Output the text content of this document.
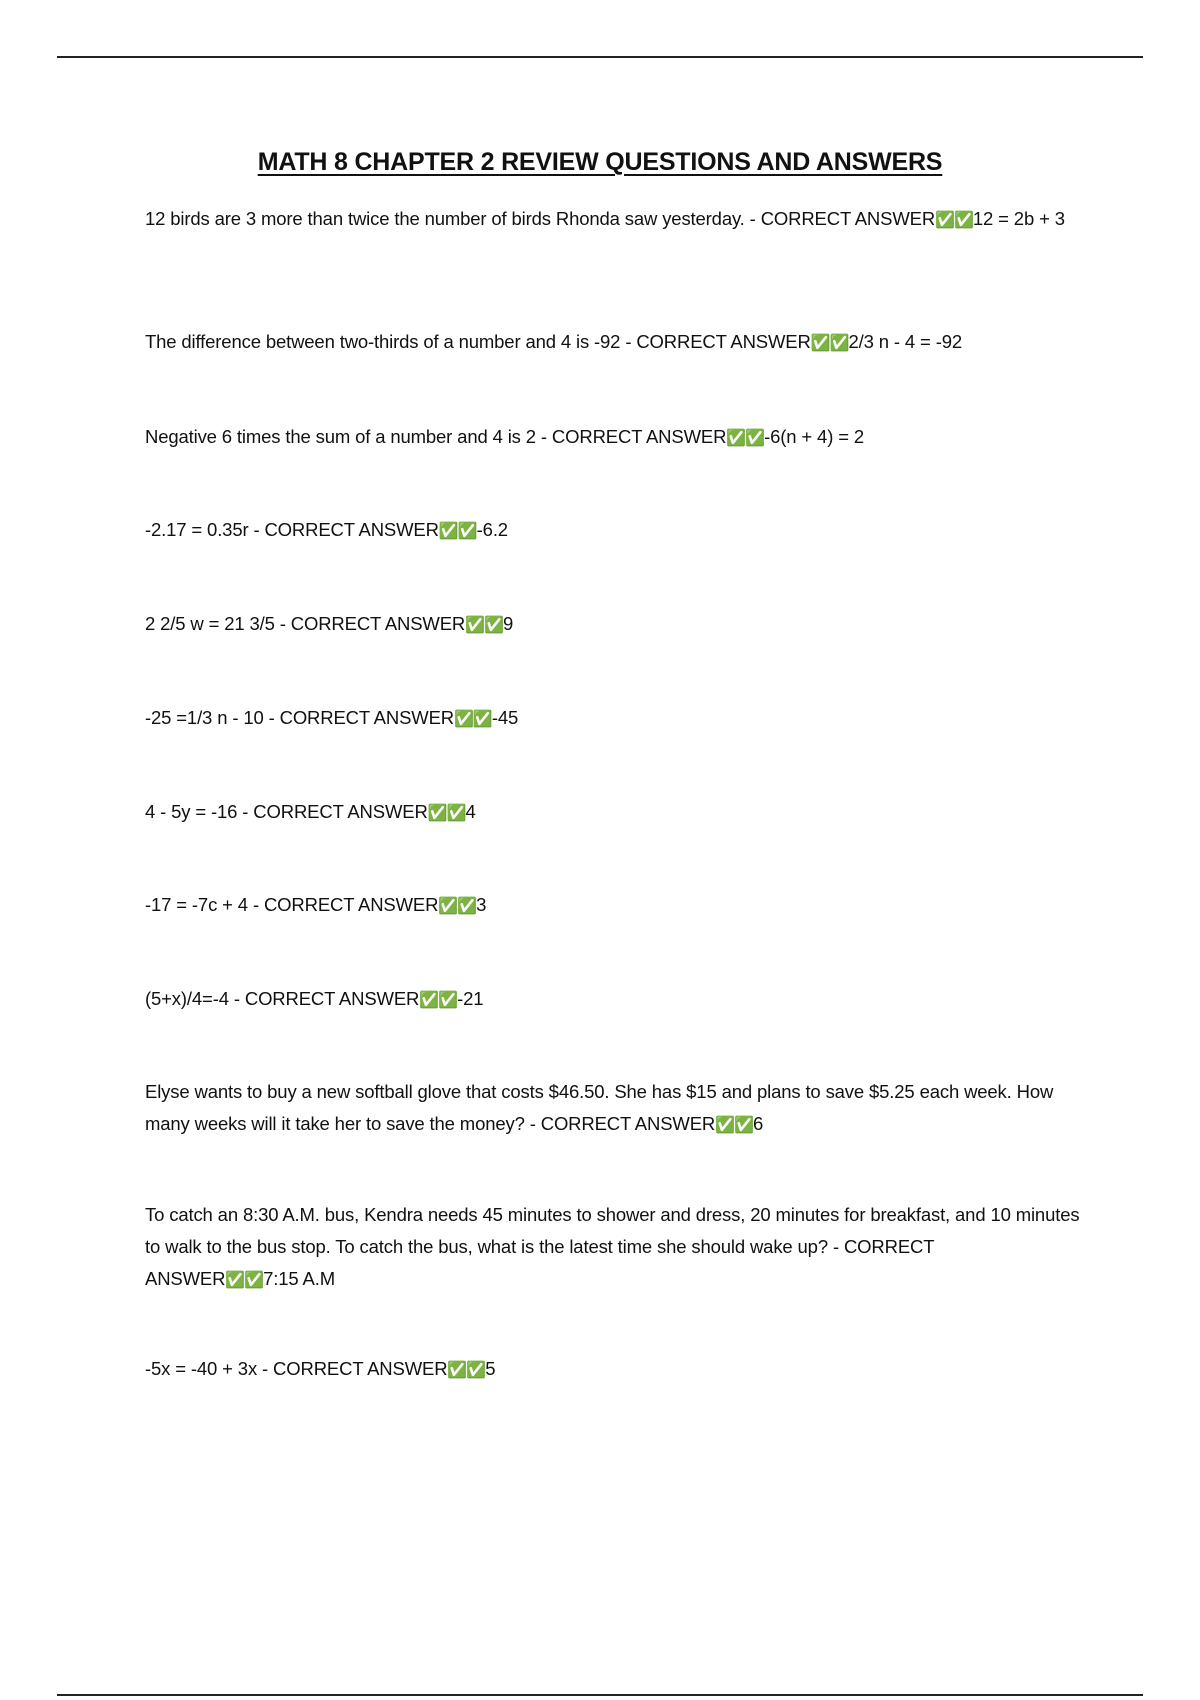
MATH 8 CHAPTER 2 REVIEW QUESTIONS AND ANSWERS
12 birds are 3 more than twice the number of birds Rhonda saw yesterday. - CORRECT ANSWER✅✅12 = 2b + 3
The difference between two-thirds of a number and 4 is -92 - CORRECT ANSWER✅✅2/3 n - 4 = -92
Negative 6 times the sum of a number and 4 is 2 - CORRECT ANSWER✅✅-6(n + 4) = 2
-2.17 = 0.35r - CORRECT ANSWER✅✅-6.2
2 2/5 w = 21 3/5 - CORRECT ANSWER✅✅9
-25 =1/3 n - 10 - CORRECT ANSWER✅✅-45
4 - 5y = -16 - CORRECT ANSWER✅✅4
-17 = -7c + 4 - CORRECT ANSWER✅✅3
(5+x)/4=-4 - CORRECT ANSWER✅✅-21
Elyse wants to buy a new softball glove that costs $46.50. She has $15 and plans to save $5.25 each week. How many weeks will it take her to save the money? - CORRECT ANSWER✅✅6
To catch an 8:30 A.M. bus, Kendra needs 45 minutes to shower and dress, 20 minutes for breakfast, and 10 minutes to walk to the bus stop. To catch the bus, what is the latest time she should wake up? - CORRECT ANSWER✅✅7:15 A.M
-5x = -40 + 3x - CORRECT ANSWER✅✅5
